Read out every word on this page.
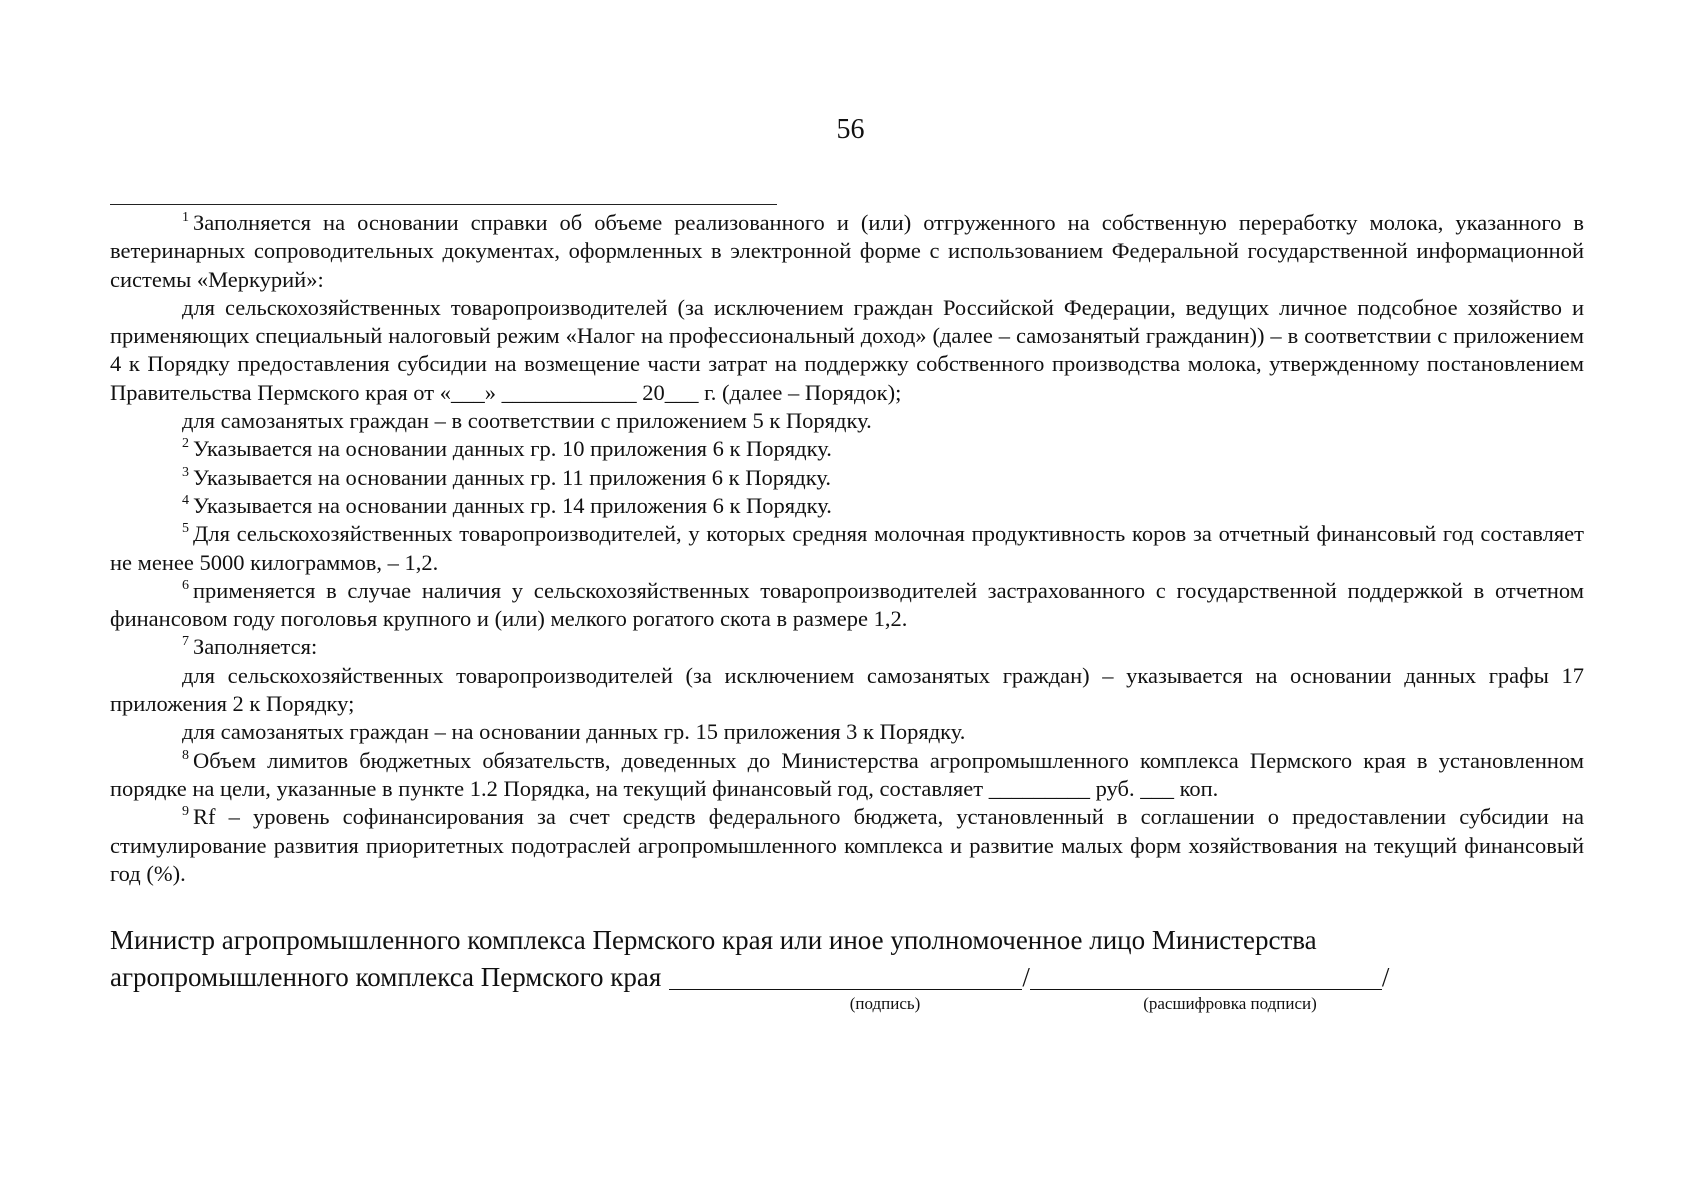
56

$^1$ Заполняется на основании справки об объеме реализованного и (или) отгруженного на собственную переработку молока, указанного в ветеринарных сопроводительных документах, оформленных в электронной форме с использованием Федеральной государственной информационной системы «Меркурий»:

для сельскохозяйственных товаропроизводителей (за исключением граждан Российской Федерации, ведущих личное подсобное хозяйство и применяющих специальный налоговый режим «Налог на профессиональный доход» (далее – самозанятый гражданин)) – в соответствии с приложением 4 к Порядку предоставления субсидии на возмещение части затрат на поддержку собственного производства молока, утвержденному постановлением Правительства Пермского края от «___» ____________ 20___ г. (далее – Порядок);

для самозанятых граждан – в соответствии с приложением 5 к Порядку.

$^2$ Указывается на основании данных гр. 10 приложения 6 к Порядку.

$^3$ Указывается на основании данных гр. 11 приложения 6 к Порядку.

$^4$ Указывается на основании данных гр. 14 приложения 6 к Порядку.

$^5$ Для сельскохозяйственных товаропроизводителей, у которых средняя молочная продуктивность коров за отчетный финансовый год составляет не менее 5000 килограммов, – 1,2.

$^6$ применяется в случае наличия у сельскохозяйственных товаропроизводителей застрахованного с государственной поддержкой в отчетном финансовом году поголовья крупного и (или) мелкого рогатого скота в размере 1,2.

$^7$ Заполняется:

для сельскохозяйственных товаропроизводителей (за исключением самозанятых граждан) – указывается на основании данных графы 17 приложения 2 к Порядку;

для самозанятых граждан – на основании данных гр. 15 приложения 3 к Порядку.

$^8$ Объем лимитов бюджетных обязательств, доведенных до Министерства агропромышленного комплекса Пермского края в установленном порядке на цели, указанные в пункте 1.2 Порядка, на текущий финансовый год, составляет _________ руб. ___ коп.

$^9$ Rf – уровень софинансирования за счет средств федерального бюджета, установленный в соглашении о предоставлении субсидии на стимулирование развития приоритетных подотраслей агропромышленного комплекса и развитие малых форм хозяйствования на текущий финансовый год (%).

Министр агропромышленного комплекса Пермского края или иное уполномоченное лицо Министерства
агропромышленного комплекса Пермского края	/	/
(подпись)	(расшифровка подписи)
